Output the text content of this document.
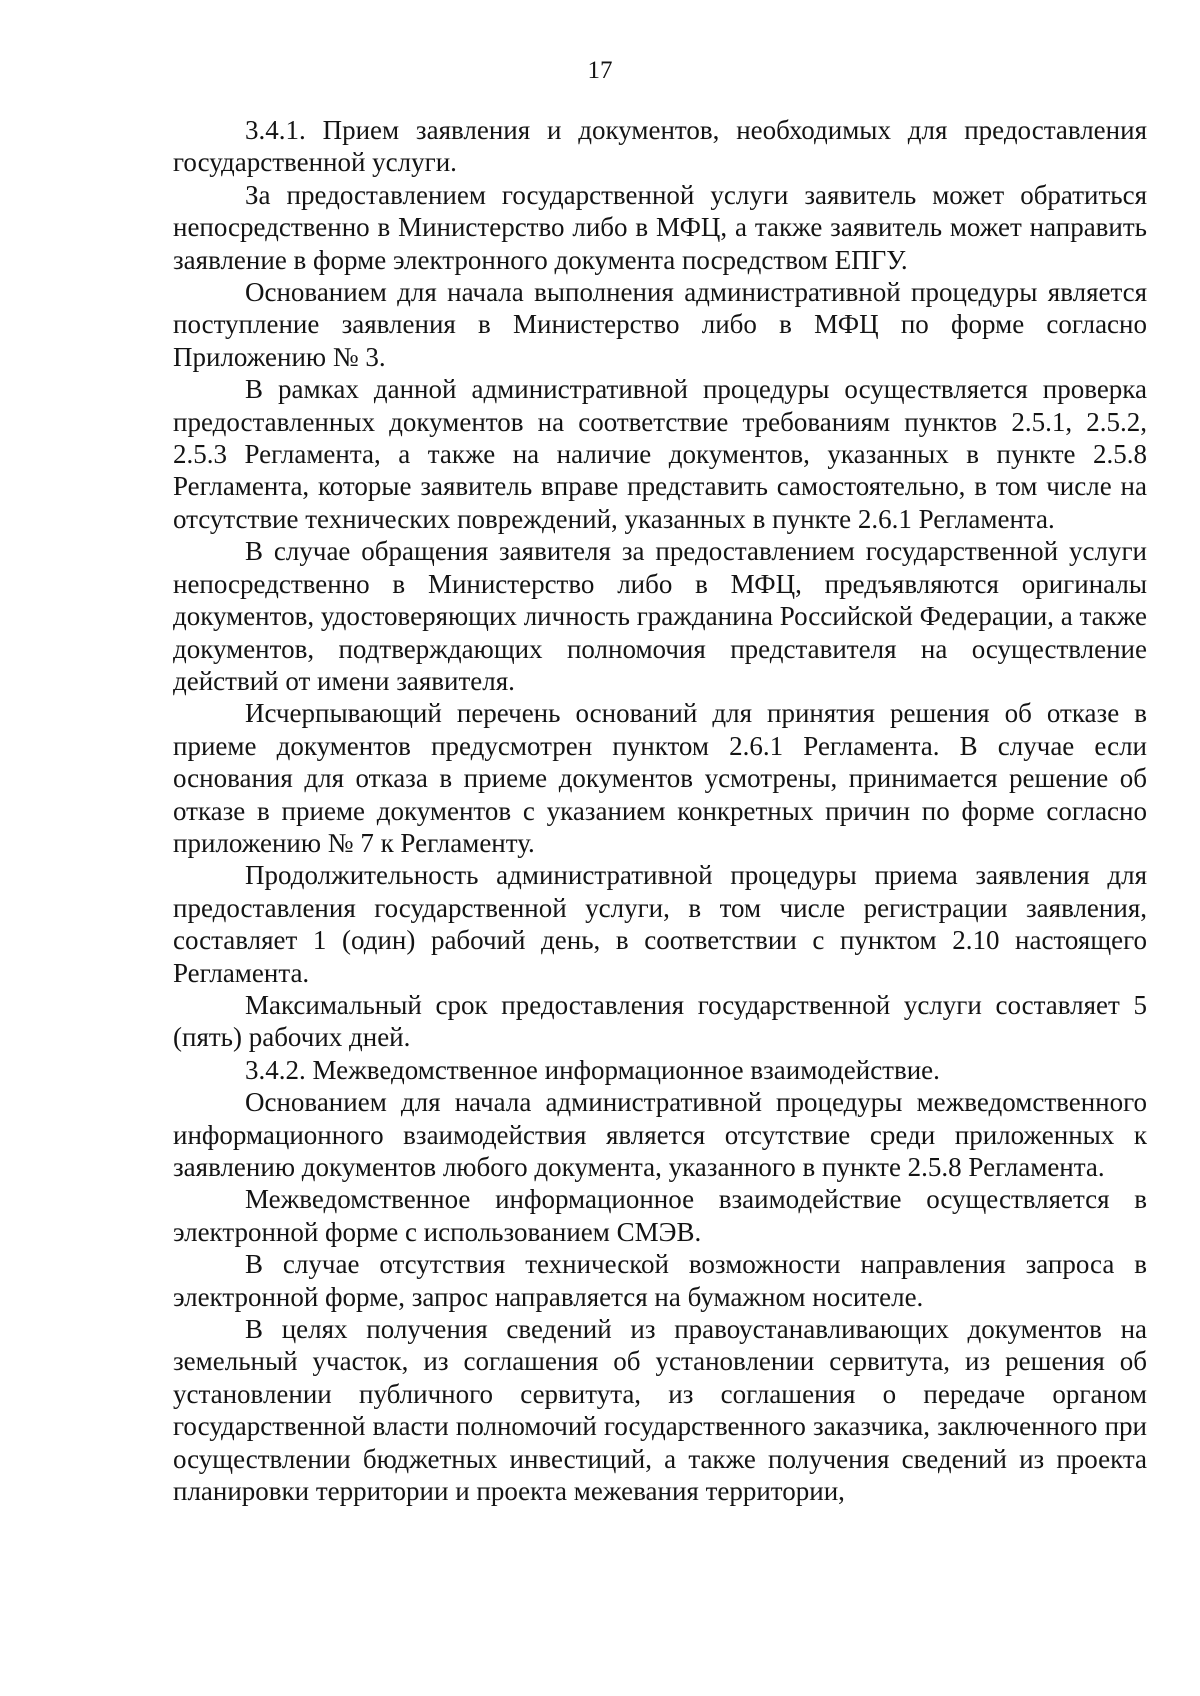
17

3.4.1. Прием заявления и документов, необходимых для предоставления государственной услуги.

За предоставлением государственной услуги заявитель может обратиться непосредственно в Министерство либо в МФЦ, а также заявитель может направить заявление в форме электронного документа посредством ЕПГУ.

Основанием для начала выполнения административной процедуры является поступление заявления в Министерство либо в МФЦ по форме согласно Приложению № 3.

В рамках данной административной процедуры осуществляется проверка предоставленных документов на соответствие требованиям пунктов 2.5.1, 2.5.2, 2.5.3 Регламента, а также на наличие документов, указанных в пункте 2.5.8 Регламента, которые заявитель вправе представить самостоятельно, в том числе на отсутствие технических повреждений, указанных в пункте 2.6.1 Регламента.

В случае обращения заявителя за предоставлением государственной услуги непосредственно в Министерство либо в МФЦ, предъявляются оригиналы документов, удостоверяющих личность гражданина Российской Федерации, а также документов, подтверждающих полномочия представителя на осуществление действий от имени заявителя.

Исчерпывающий перечень оснований для принятия решения об отказе в приеме документов предусмотрен пунктом 2.6.1 Регламента. В случае если основания для отказа в приеме документов усмотрены, принимается решение об отказе в приеме документов с указанием конкретных причин по форме согласно приложению № 7 к Регламенту.

Продолжительность административной процедуры приема заявления для предоставления государственной услуги, в том числе регистрации заявления, составляет 1 (один) рабочий день, в соответствии с пунктом 2.10 настоящего Регламента.

Максимальный срок предоставления государственной услуги составляет 5 (пять) рабочих дней.

3.4.2. Межведомственное информационное взаимодействие.

Основанием для начала административной процедуры межведомственного информационного взаимодействия является отсутствие среди приложенных к заявлению документов любого документа, указанного в пункте 2.5.8 Регламента.

Межведомственное информационное взаимодействие осуществляется в электронной форме с использованием СМЭВ.

В случае отсутствия технической возможности направления запроса в электронной форме, запрос направляется на бумажном носителе.

В целях получения сведений из правоустанавливающих документов на земельный участок, из соглашения об установлении сервитута, из решения об установлении публичного сервитута, из соглашения о передаче органом государственной власти полномочий государственного заказчика, заключенного при осуществлении бюджетных инвестиций, а также получения сведений из проекта планировки территории и проекта межевания территории,
